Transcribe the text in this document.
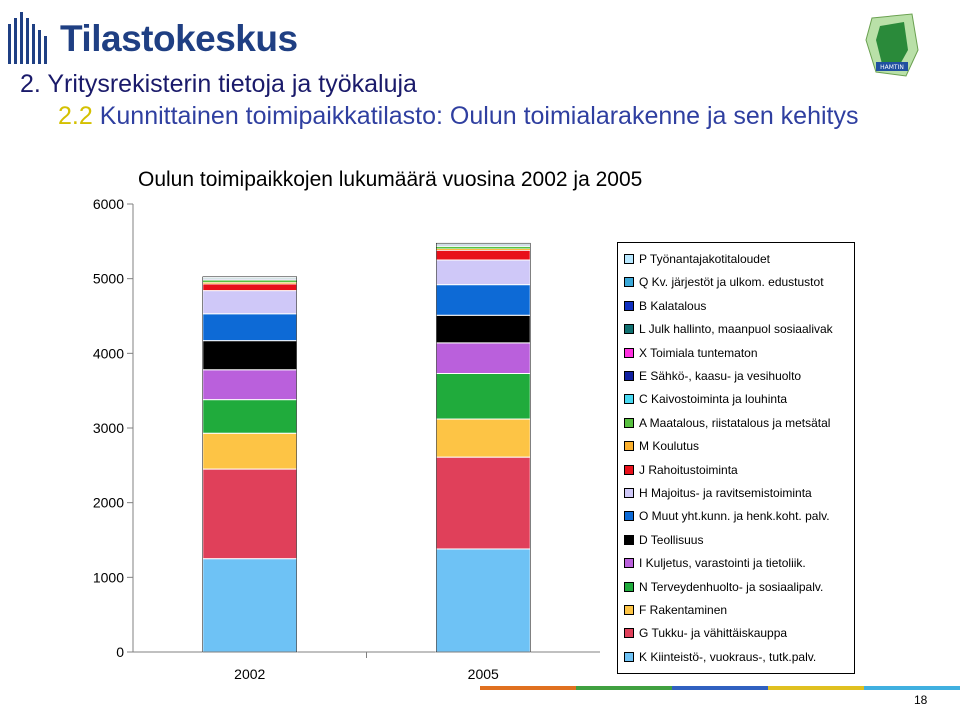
Tilastokeskus
HAMTIN
2. Yritysrekisterin tietoja ja työkaluja
2.2 Kunnittainen toimipaikkatilasto: Oulun toimialarakenne ja sen kehitys
Oulun toimipaikkojen lukumäärä vuosina 2002 ja 2005
0
1000
2000
3000
4000
5000
6000
2002	2005
P Työnantajakotitaloudet
Q Kv. järjestöt ja ulkom. edustustot
B Kalatalous
L Julk hallinto, maanpuol sosiaalivak
X Toimiala tuntematon
E Sähkö-, kaasu- ja vesihuolto
C Kaivostoiminta ja louhinta
A Maatalous, riistatalous ja metsätal
M Koulutus
J Rahoitustoiminta
H Majoitus- ja ravitsemistoiminta
O Muut yht.kunn. ja henk.koht. palv.
D Teollisuus
I Kuljetus, varastointi ja tietoliik.
N Terveydenhuolto- ja sosiaalipalv.
F Rakentaminen
G Tukku- ja vähittäiskauppa
K Kiinteistö-, vuokraus-, tutk.palv.
18
